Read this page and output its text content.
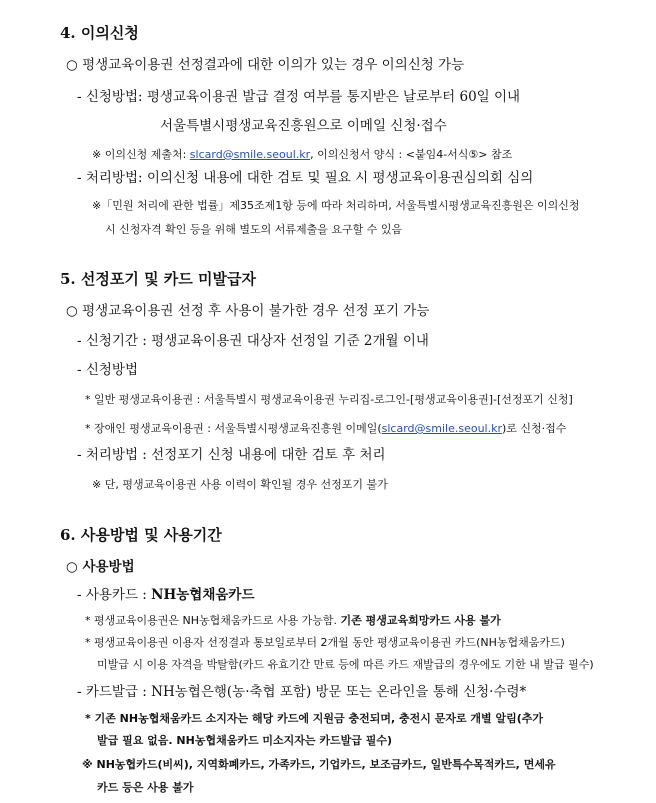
4. 이의신청
○ 평생교육이용권 선정결과에 대한 이의가 있는 경우 이의신청 가능
- 신청방법: 평생교육이용권 발급 결정 여부를 통지받은 날로부터 60일 이내
서울특별시평생교육진흥원으로 이메일 신청·접수
※ 이의신청 제출처: slcard@smile.seoul.kr, 이의신청서 양식 : <붙임4-서식⑤> 참조
- 처리방법: 이의신청 내용에 대한 검토 및 필요 시 평생교육이용권심의회 심의
※「민원 처리에 관한 법률」제35조제1항 등에 따라 처리하며, 서울특별시평생교육진흥원은 이의신청
시 신청자격 확인 등을 위해 별도의 서류제출을 요구할 수 있음
5. 선정포기 및 카드 미발급자
○ 평생교육이용권 선정 후 사용이 불가한 경우 선정 포기 가능
- 신청기간 : 평생교육이용권 대상자 선정일 기준 2개월 이내
- 신청방법
* 일반 평생교육이용권 : 서울특별시 평생교육이용권 누리집-로그인-[평생교육이용권]-[선정포기 신청]
* 장애인 평생교육이용권 : 서울특별시평생교육진흥원 이메일(slcard@smile.seoul.kr)로 신청·접수
- 처리방법 : 선정포기 신청 내용에 대한 검토 후 처리
※ 단, 평생교육이용권 사용 이력이 확인될 경우 선정포기 불가
6. 사용방법 및 사용기간
○ 사용방법
- 사용카드 : NH농협채움카드
* 평생교육이용권은 NH농협채움카드로 사용 가능함. 기존 평생교육희망카드 사용 불가
* 평생교육이용권 이용자 선정결과 통보일로부터 2개월 동안 평생교육이용권 카드(NH농협채움카드)
미발급 시 이용 자격을 박탈함(카드 유효기간 만료 등에 따른 카드 재발급의 경우에도 기한 내 발급 필수)
- 카드발급 : NH농협은행(농·축협 포함) 방문 또는 온라인을 통해 신청·수령*
* 기존 NH농협채움카드 소지자는 해당 카드에 지원금 충전되며, 충전시 문자로 개별 알림(추가
발급 필요 없음. NH농협채움카드 미소지자는 카드발급 필수)
※ NH농협카드(비씨), 지역화폐카드, 가족카드, 기업카드, 보조금카드, 일반특수목적카드, 면세유
카드 등은 사용 불가
